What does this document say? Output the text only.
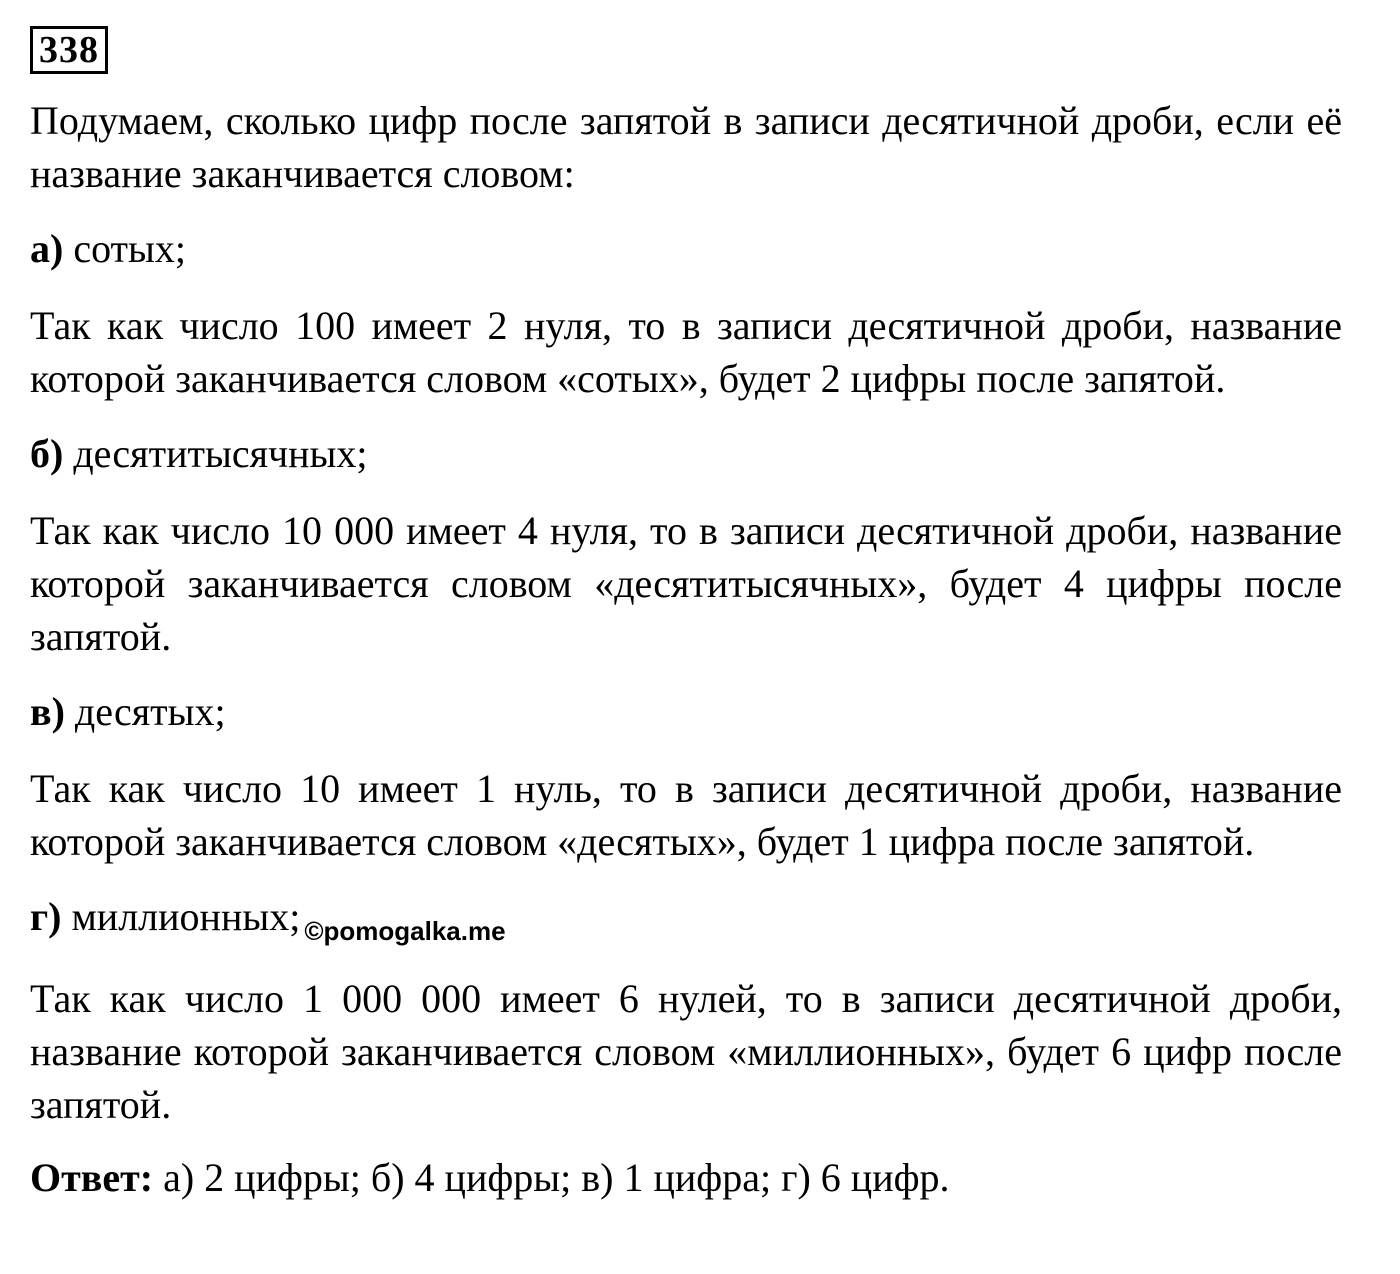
338

Подумаем, сколько цифр после запятой в записи десятичной дроби, если её название заканчивается словом:

а) сотых;

Так как число 100 имеет 2 нуля, то в записи десятичной дроби, название которой заканчивается словом «сотых», будет 2 цифры после запятой.

б) десятитысячных;

Так как число 10 000 имеет 4 нуля, то в записи десятичной дроби, название которой заканчивается словом «десятитысячных», будет 4 цифры после запятой.

в) десятых;

Так как число 10 имеет 1 нуль, то в записи десятичной дроби, название которой заканчивается словом «десятых», будет 1 цифра после запятой.

г) миллионных; $_{©pomogalka.me}$

Так как число 1 000 000 имеет 6 нулей, то в записи десятичной дроби, название которой заканчивается словом «миллионных», будет 6 цифр после запятой.

Ответ: а) 2 цифры; б) 4 цифры; в) 1 цифра; г) 6 цифр.
